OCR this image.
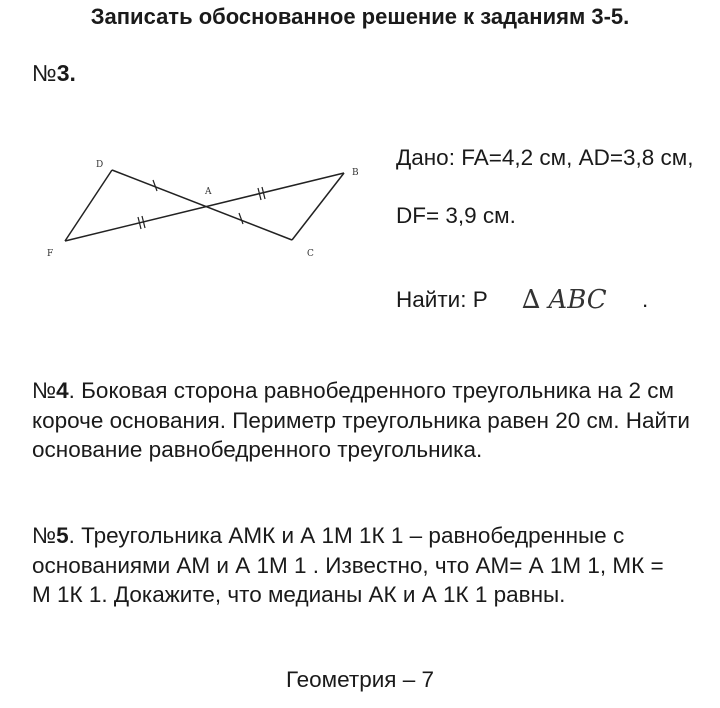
Записать обоснованное решение к заданиям 3-5.
№3.
D
B
A
F	C

Дано: FA=4,2 см, AD=3,8 см,

DF= 3,9 см.

Найти: P ∆ ABC .
№4. Боковая сторона равнобедренного треугольника на 2 см короче основания. Периметр треугольника равен 20 см. Найти основание равнобедренного треугольника.
№5. Треугольника АМК и А 1М 1К 1 – равнобедренные с основаниями АМ и А 1М 1 . Известно, что АМ= А 1М 1, МК = М 1К 1. Докажите, что медианы АК и А 1К 1 равны.
Геометрия – 7
